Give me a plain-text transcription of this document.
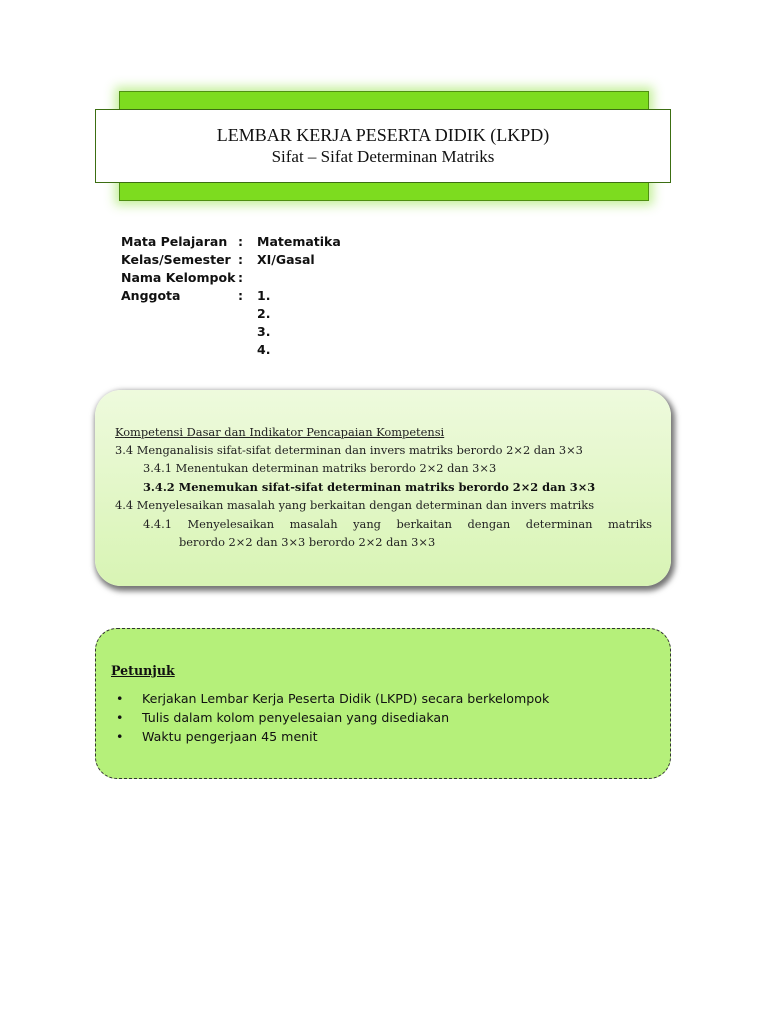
LEMBAR KERJA PESERTA DIDIK (LKPD)
Sifat – Sifat Determinan Matriks
Mata Pelajaran : Matematika
Kelas/Semester : XI/Gasal
Nama Kelompok :
Anggota	: 1.
2.
3.
4.
Kompetensi Dasar dan Indikator Pencapaian Kompetensi
3.4 Menganalisis sifat-sifat determinan dan invers matriks berordo 2×2 dan 3×3
3.4.1 Menentukan determinan matriks berordo 2×2 dan 3×3
3.4.2 Menemukan sifat-sifat determinan matriks berordo 2×2 dan 3×3
4.4 Menyelesaikan masalah yang berkaitan dengan determinan dan invers matriks
4.4.1 Menyelesaikan masalah yang berkaitan dengan determinan matriks
berordo 2×2 dan 3×3 berordo 2×2 dan 3×3
Petunjuk
• Kerjakan Lembar Kerja Peserta Didik (LKPD) secara berkelompok
• Tulis dalam kolom penyelesaian yang disediakan
• Waktu pengerjaan 45 menit
